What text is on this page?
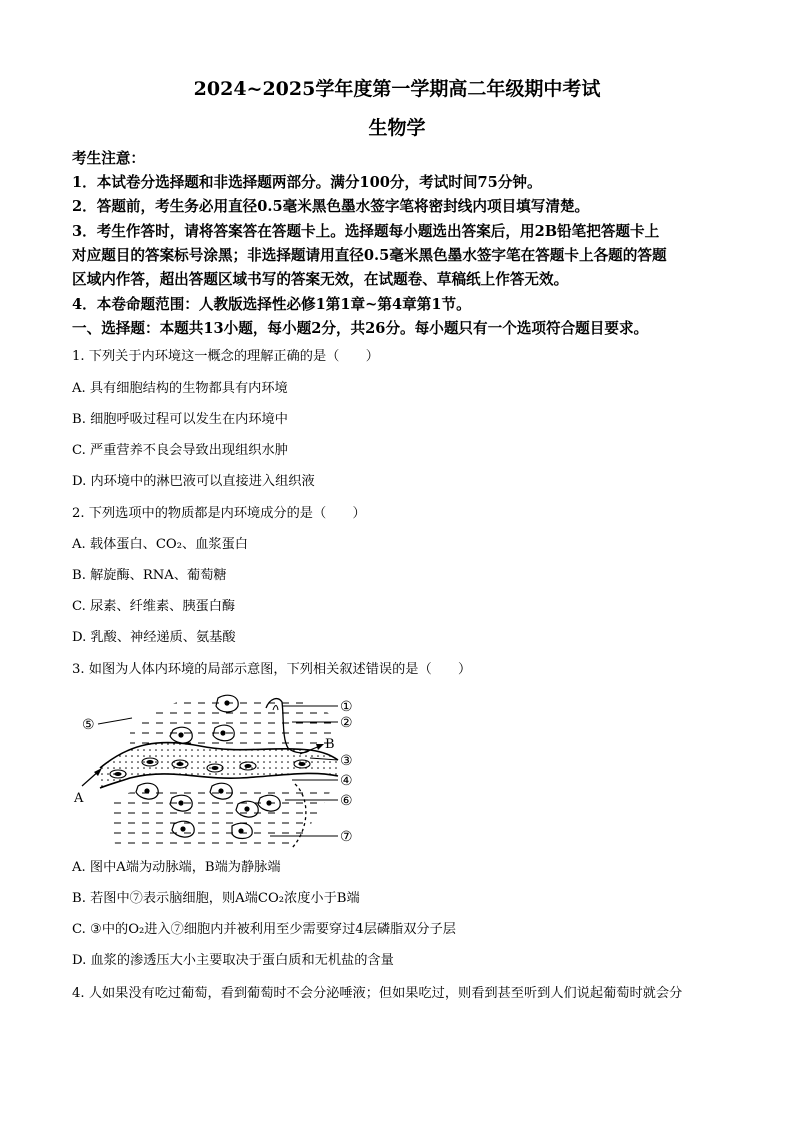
2024~2025学年度第一学期高二年级期中考试
生物学
考生注意：
1．本试卷分选择题和非选择题两部分。满分100分，考试时间75分钟。
2．答题前，考生务必用直径0.5毫米黑色墨水签字笔将密封线内项目填写清楚。
3．考生作答时，请将答案答在答题卡上。选择题每小题选出答案后，用2B铅笔把答题卡上
对应题目的答案标号涂黑；非选择题请用直径0.5毫米黑色墨水签字笔在答题卡上各题的答题
区域内作答，超出答题区域书写的答案无效，在试题卷、草稿纸上作答无效。
4．本卷命题范围：人教版选择性必修1第1章~第4章第1节。
一、选择题：本题共13小题，每小题2分，共26分。每小题只有一个选项符合题目要求。
1. 下列关于内环境这一概念的理解正确的是（　　）
A. 具有细胞结构的生物都具有内环境
B. 细胞呼吸过程可以发生在内环境中
C. 严重营养不良会导致出现组织水肿
D. 内环境中的淋巴液可以直接进入组织液
2. 下列选项中的物质都是内环境成分的是（　　）
A. 载体蛋白、CO₂、血浆蛋白
B. 解旋酶、RNA、葡萄糖
C. 尿素、纤维素、胰蛋白酶
D. 乳酸、神经递质、氨基酸
3. 如图为人体内环境的局部示意图，下列相关叙述错误的是（　　）
①
②
③
④
⑥
⑦
⑤
A
B
A. 图中A端为动脉端，B端为静脉端
B. 若图中⑦表示脑细胞，则A端CO₂浓度小于B端
C. ③中的O₂进入⑦细胞内并被利用至少需要穿过4层磷脂双分子层
D. 血浆的渗透压大小主要取决于蛋白质和无机盐的含量
4. 人如果没有吃过葡萄，看到葡萄时不会分泌唾液；但如果吃过，则看到甚至听到人们说起葡萄时就会分
